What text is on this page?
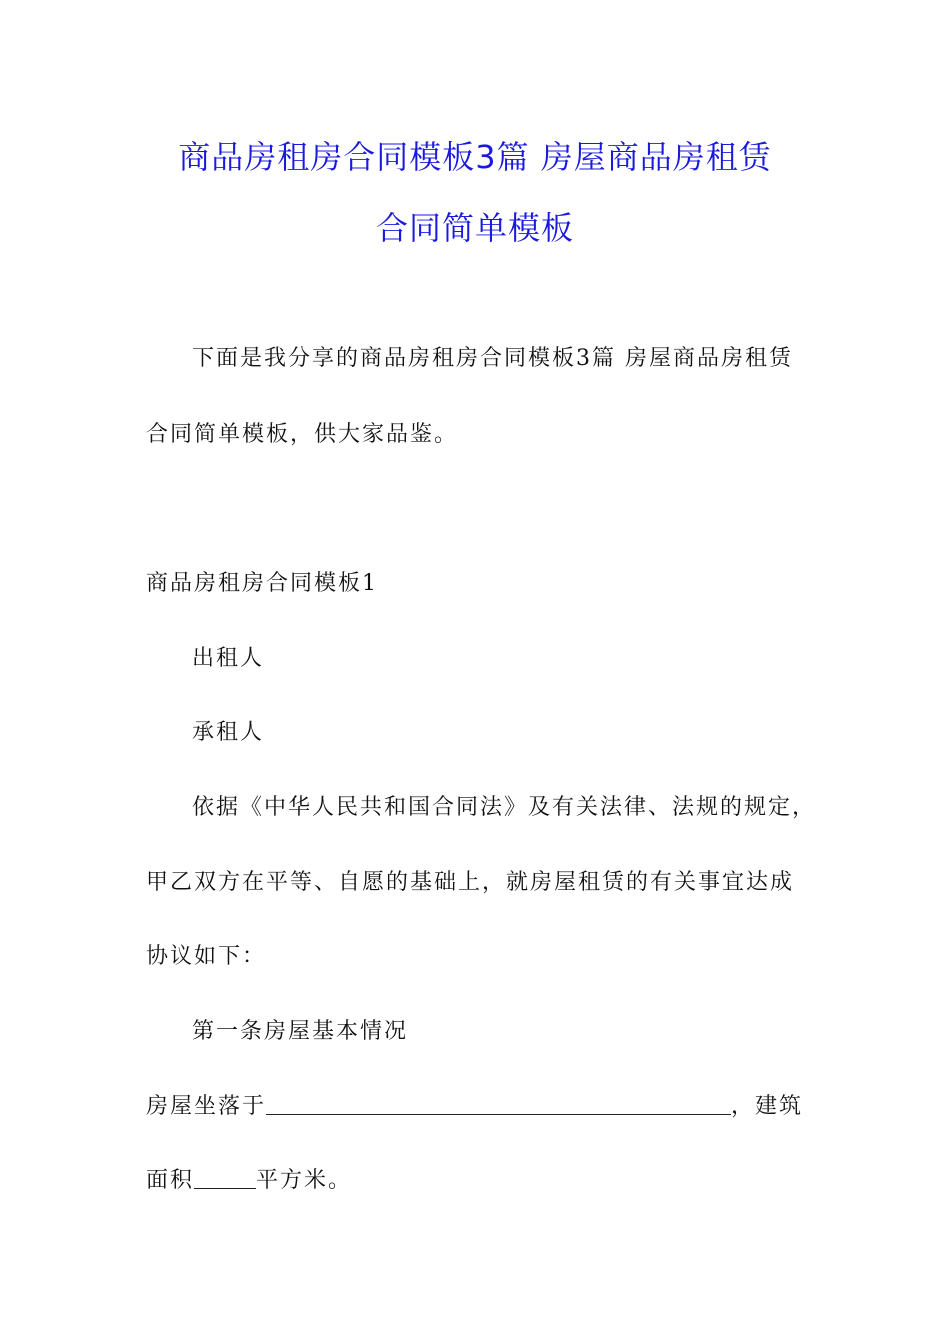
商品房租房合同模板3篇 房屋商品房租赁
合同简单模板

下面是我分享的商品房租房合同模板3篇 房屋商品房租赁

合同简单模板，供大家品鉴。

商品房租房合同模板1

出租人

承租人

依据《中华人民共和国合同法》及有关法律、法规的规定，

甲乙双方在平等、自愿的基础上，就房屋租赁的有关事宜达成

协议如下：

第一条房屋基本情况

房屋坐落于	，建筑

面积	平方米。
